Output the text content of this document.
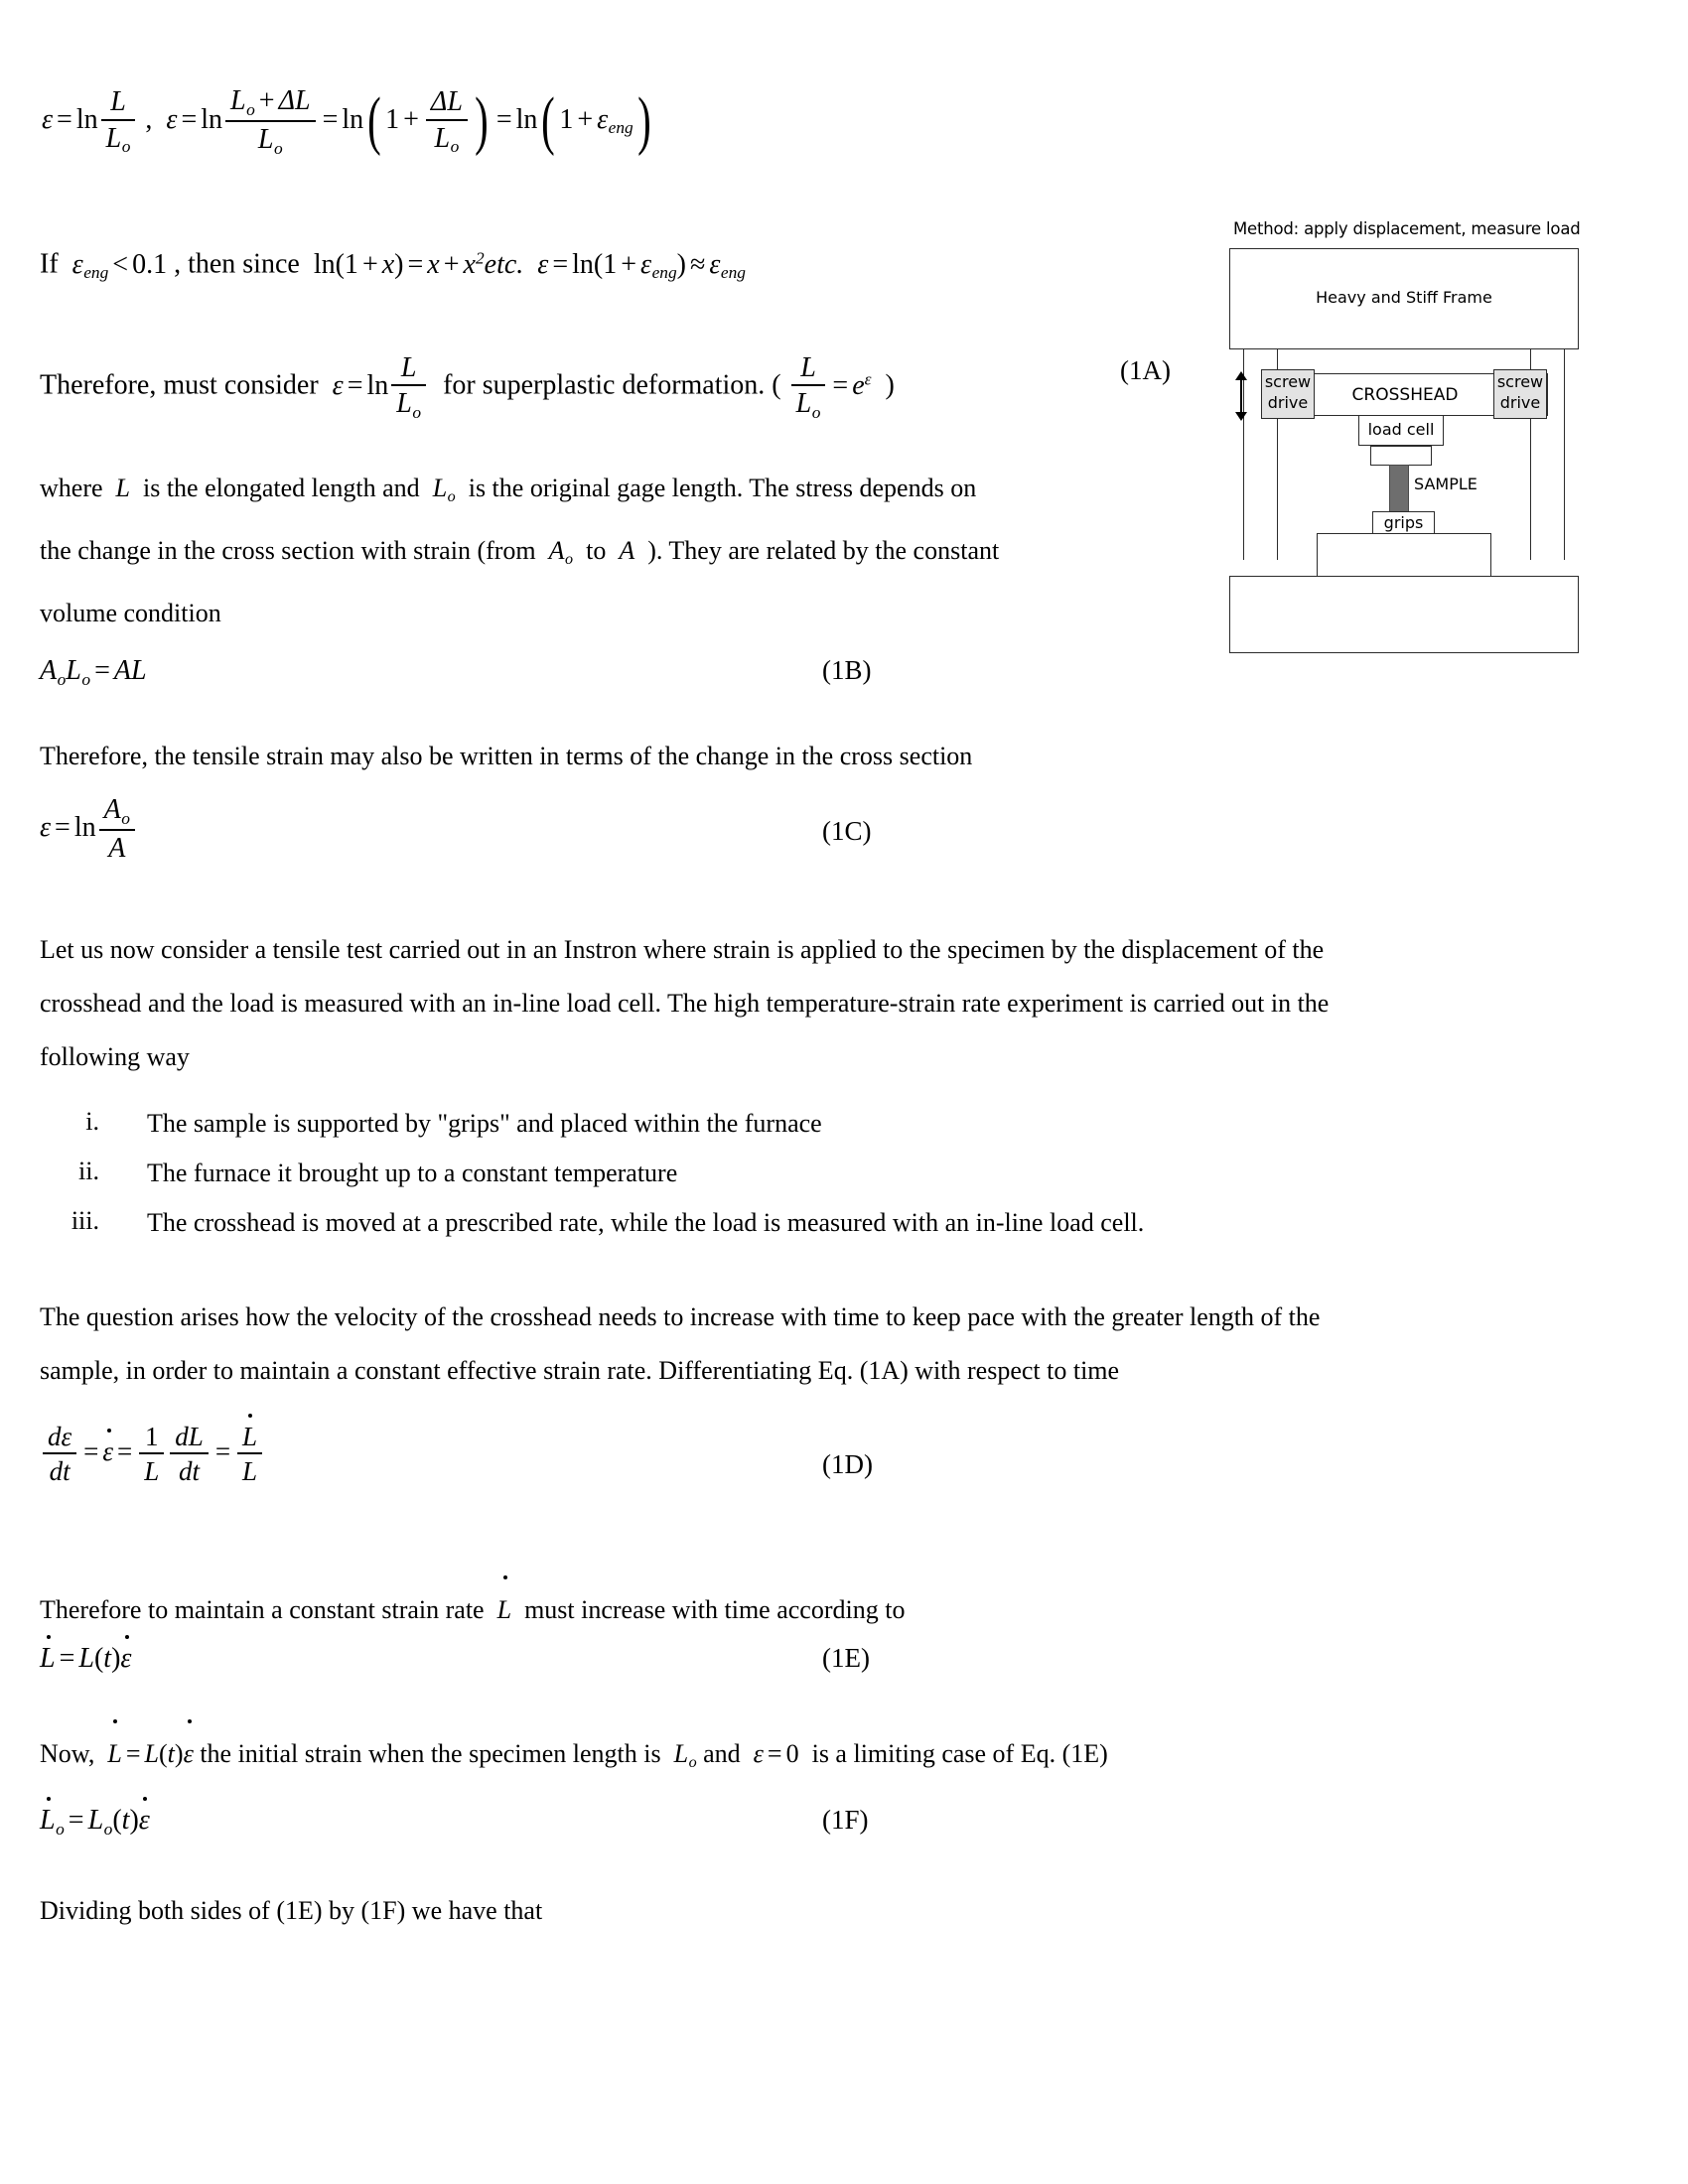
$\varepsilon = \ln \frac{L}{L_o}$ ,  $\varepsilon = \ln \frac{L_o + \Delta L}{L_o} = \ln$( $1 + \frac{\Delta L}{L_o}$ ) = ln( $1 + \varepsilon_{eng}$)
If $\varepsilon_{eng} < 0.1$ , then since $\ln(1 + x) = x + x^2etc$. $\varepsilon = \ln(1 + \varepsilon_{eng}) \approx \varepsilon_{eng}$
Therefore, must consider $\varepsilon = \ln \frac{L}{L_o}$ for superplastic deformation. ( $\frac{L}{L_o} = e^\varepsilon$ )	(1A)
where L is the elongated length and $L_o$ is the original gage length. The stress depends on
the change in the cross section with strain (from $A_o$ to A ). They are related by the constant
volume condition
$A_oL_o$ = AL	(1B)
Therefore, the tensile strain may also be written in terms of the change in the cross section
$\varepsilon = \ln \frac{A_o}{A}$	(1C)
Let us now consider a tensile test carried out in an Instron where strain is applied to the specimen by the displacement of the
crosshead and the load is measured with an in-line load cell. The high temperature-strain rate experiment is carried out in the
following way
i. The sample is supported by "grips" and placed within the furnace
ii. The furnace it brought up to a constant temperature
iii. The crosshead is moved at a prescribed rate, while the load is measured with an in-line load cell.
The question arises how the velocity of the crosshead needs to increase with time to keep pace with the greater length of the
sample, in order to maintain a constant effective strain rate. Differentiating Eq. (1A) with respect to time
$\frac{d\varepsilon}{dt} = \varepsilon = \frac{1}{L} \frac{dL}{dt} = \frac{L}{L}$	(1D)
Therefore to maintain a constant strain rate L must increase with time according to
L = L(t)ε	(1E)
Now, L = L(t)ε the initial strain when the specimen length is $L_o$ and ε = 0 is a limiting case of Eq. (1E)
$L_o = L_o(t)\varepsilon$	(1F)
Dividing both sides of (1E) by (1F) we have that
Method: apply displacement, measure load
Heavy and Stiff Frame
CROSSHEAD
screw
drive
screw
drive
load cell
SAMPLE
grips
